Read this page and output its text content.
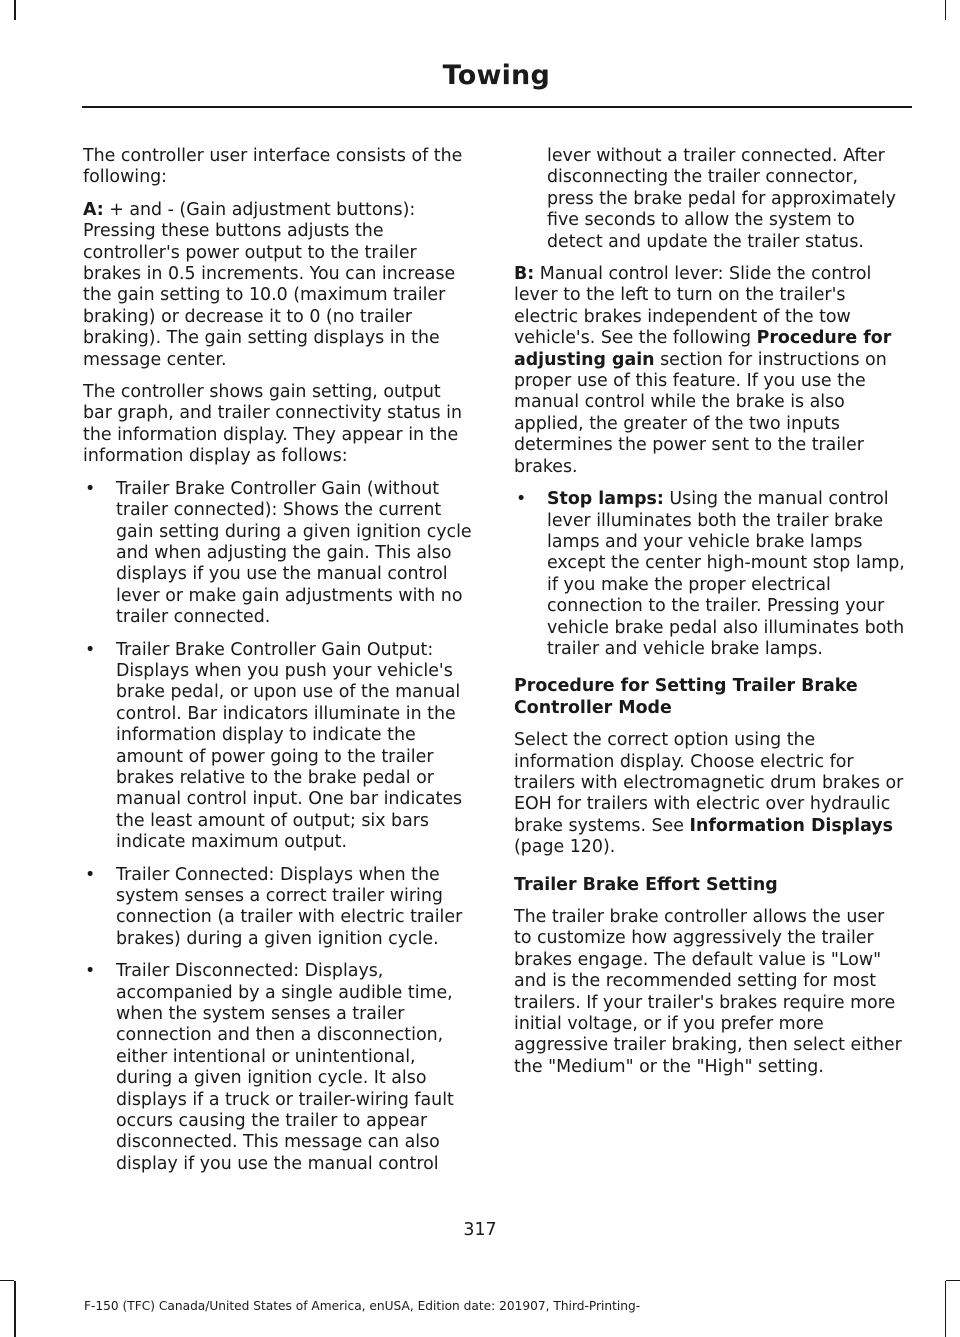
Towing

The controller user interface consists of the following:

A: + and - (Gain adjustment buttons): Pressing these buttons adjusts the controller's power output to the trailer brakes in 0.5 increments. You can increase the gain setting to 10.0 (maximum trailer braking) or decrease it to 0 (no trailer braking). The gain setting displays in the message center.

The controller shows gain setting, output bar graph, and trailer connectivity status in the information display. They appear in the information display as follows:

• Trailer Brake Controller Gain (without trailer connected): Shows the current gain setting during a given ignition cycle and when adjusting the gain. This also displays if you use the manual control lever or make gain adjustments with no trailer connected.
• Trailer Brake Controller Gain Output: Displays when you push your vehicle's brake pedal, or upon use of the manual control. Bar indicators illuminate in the information display to indicate the amount of power going to the trailer brakes relative to the brake pedal or manual control input. One bar indicates the least amount of output; six bars indicate maximum output.
• Trailer Connected: Displays when the system senses a correct trailer wiring connection (a trailer with electric trailer brakes) during a given ignition cycle.
• Trailer Disconnected: Displays, accompanied by a single audible time, when the system senses a trailer connection and then a disconnection, either intentional or unintentional, during a given ignition cycle. It also displays if a truck or trailer-wiring fault occurs causing the trailer to appear disconnected. This message can also display if you use the manual control
lever without a trailer connected. After disconnecting the trailer connector, press the brake pedal for approximately five seconds to allow the system to detect and update the trailer status.

B: Manual control lever: Slide the control lever to the left to turn on the trailer's electric brakes independent of the tow vehicle's. See the following Procedure for adjusting gain section for instructions on proper use of this feature. If you use the manual control while the brake is also applied, the greater of the two inputs determines the power sent to the trailer brakes.

• Stop lamps: Using the manual control lever illuminates both the trailer brake lamps and your vehicle brake lamps except the center high-mount stop lamp, if you make the proper electrical connection to the trailer. Pressing your vehicle brake pedal also illuminates both trailer and vehicle brake lamps.
Procedure for Setting Trailer Brake Controller Mode

Select the correct option using the information display. Choose electric for trailers with electromagnetic drum brakes or EOH for trailers with electric over hydraulic brake systems. See Information Displays (page 120).

Trailer Brake Effort Setting

The trailer brake controller allows the user to customize how aggressively the trailer brakes engage. The default value is "Low" and is the recommended setting for most trailers. If your trailer's brakes require more initial voltage, or if you prefer more aggressive trailer braking, then select either the "Medium" or the "High" setting.

317
F-150 (TFC) Canada/United States of America, enUSA, Edition date: 201907, Third-Printing-
